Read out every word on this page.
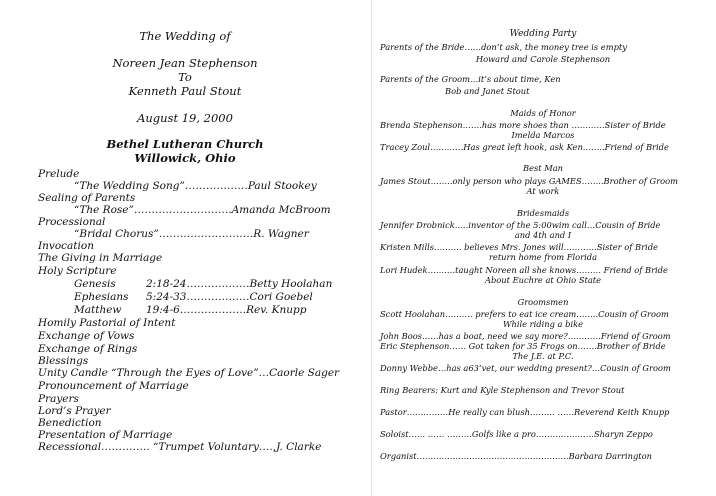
The Wedding of
Noreen Jean Stephenson
To
Kenneth Paul Stout
August 19, 2000
Bethel Lutheran Church
Willowick, Ohio
Prelude
“The Wedding Song”………………Paul Stookey
Sealing of Parents
“The Rose”……………………….Amanda McBroom
Processional
“Bridal Chorus”………………………R. Wagner
Invocation
The Giving in Marriage
Holy Scripture
Genesis	2:18-24………………Betty Hoolahan
Ephesians 5:24-33………………Cori Goebel
Matthew 19:4-6……………….Rev. Knupp
Homily Pastorial of Intent
Exchange of Vows
Exchange of Rings
Blessings
Unity Candle “Through the Eyes of Love”…Caorle Sager
Pronouncement of Marriage
Prayers
Lord’s Prayer
Benediction
Presentation of Marriage
Recessional………….. “Trumpet Voluntary….,J. Clarke
Wedding Party
Parents of the Bride……don’t ask, the money tree is empty
Howard and Carole Stephenson
Parents of the Groom…it’s about time, Ken
Bob and Janet Stout
Maids of Honor
Brenda Stephenson…….has more shoes than …………Sister of Bride
Imelda Marcos
Tracey Zoul…………Has great left hook, ask Ken……..Friend of Bride
Best Man
James Stout……..only person who plays GAMES……..Brother of Groom
At work
Bridesmaids
Jennifer Drobnick…..inventor of the 5:00wim call…Cousin of Bride
and 4th and I
Kristen Mills………. believes Mrs. Jones will…………Sister of Bride
return home from Florida
Lori Hudek……….taught Noreen all she knows……… Friend of Bride
About Euchre at Ohio State
Groomsmen
Scott Hoolahan………. prefers to eat ice cream……..Cousin of Groom
While riding a bike
John Boos……has a boat, need we say more?…………Friend of Groom
Eric Stephenson…… Got taken for 35 Frogs on…….Brother of Bride
The J.E. at P.C.
Donny Webbe…has a63’vet, our wedding present?…Cousin of Groom
Ring Bearers: Kurt and Kyle Stephenson and Trevor Stout
Pastor……………He really can blush……… ……Reverend Keith Knupp
Soloist…… …… ………Golfs like a pro…………………Sharyn Zeppo
Organist……………………………………………….Barbara Darrington
